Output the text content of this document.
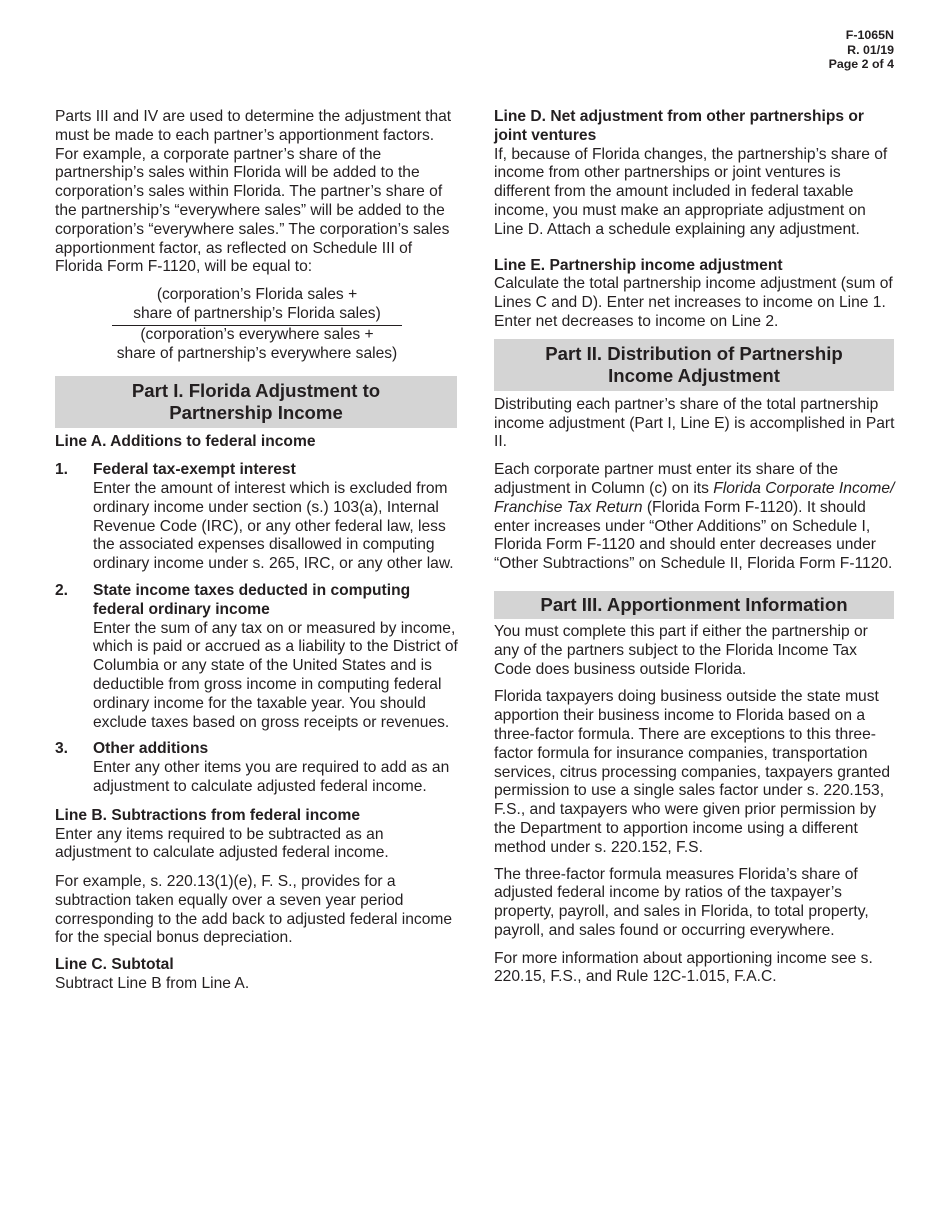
F-1065N
R. 01/19
Page 2 of 4

Parts III and IV are used to determine the adjustment that must be made to each partner’s apportionment factors. For example, a corporate partner’s share of the partnership’s sales within Florida will be added to the corporation’s sales within Florida. The partner’s share of the partnership’s “everywhere sales” will be added to the corporation’s “everywhere sales.” The corporation’s sales apportionment factor, as reflected on Schedule III of Florida Form F-1120, will be equal to:

(corporation’s Florida sales +
share of partnership’s Florida sales)
(corporation’s everywhere sales +
share of partnership’s everywhere sales)
Part I. Florida Adjustment to
Partnership Income

Line A. Additions to federal income

1. Federal tax-exempt interest

Enter the amount of interest which is excluded from ordinary income under section (s.) 103(a), Internal Revenue Code (IRC), or any other federal law, less the associated expenses disallowed in computing ordinary income under s. 265, IRC, or any other law.

2. State income taxes deducted in computing federal ordinary income

Enter the sum of any tax on or measured by income, which is paid or accrued as a liability to the District of Columbia or any state of the United States and is deductible from gross income in computing federal ordinary income for the taxable year. You should exclude taxes based on gross receipts or revenues.

3. Other additions

Enter any other items you are required to add as an adjustment to calculate adjusted federal income.

Line B. Subtractions from federal income

Enter any items required to be subtracted as an adjustment to calculate adjusted federal income.

For example, s. 220.13(1)(e), F. S., provides for a subtraction taken equally over a seven year period corresponding to the add back to adjusted federal income for the special bonus depreciation.

Line C. Subtotal

Subtract Line B from Line A.

Line D. Net adjustment from other partnerships or joint ventures

If, because of Florida changes, the partnership’s share of income from other partnerships or joint ventures is different from the amount included in federal taxable income, you must make an appropriate adjustment on Line D. Attach a schedule explaining any adjustment.

Line E. Partnership income adjustment

Calculate the total partnership income adjustment (sum of Lines C and D). Enter net increases to income on Line 1. Enter net decreases to income on Line 2.

Part II. Distribution of Partnership
Income Adjustment

Distributing each partner’s share of the total partnership income adjustment (Part I, Line E) is accomplished in Part II.

Each corporate partner must enter its share of the adjustment in Column (c) on its Florida Corporate Income/ Franchise Tax Return (Florida Form F-1120). It should enter increases under “Other Additions” on Schedule I, Florida Form F-1120 and should enter decreases under “Other Subtractions” on Schedule II, Florida Form F-1120.

Part III. Apportionment Information

You must complete this part if either the partnership or any of the partners subject to the Florida Income Tax Code does business outside Florida.

Florida taxpayers doing business outside the state must apportion their business income to Florida based on a three-factor formula. There are exceptions to this three-factor formula for insurance companies, transportation services, citrus processing companies, taxpayers granted permission to use a single sales factor under s. 220.153, F.S., and taxpayers who were given prior permission by the Department to apportion income using a different method under s. 220.152, F.S.

The three-factor formula measures Florida’s share of adjusted federal income by ratios of the taxpayer’s property, payroll, and sales in Florida, to total property, payroll, and sales found or occurring everywhere.

For more information about apportioning income see s. 220.15, F.S., and Rule 12C-1.015, F.A.C.
